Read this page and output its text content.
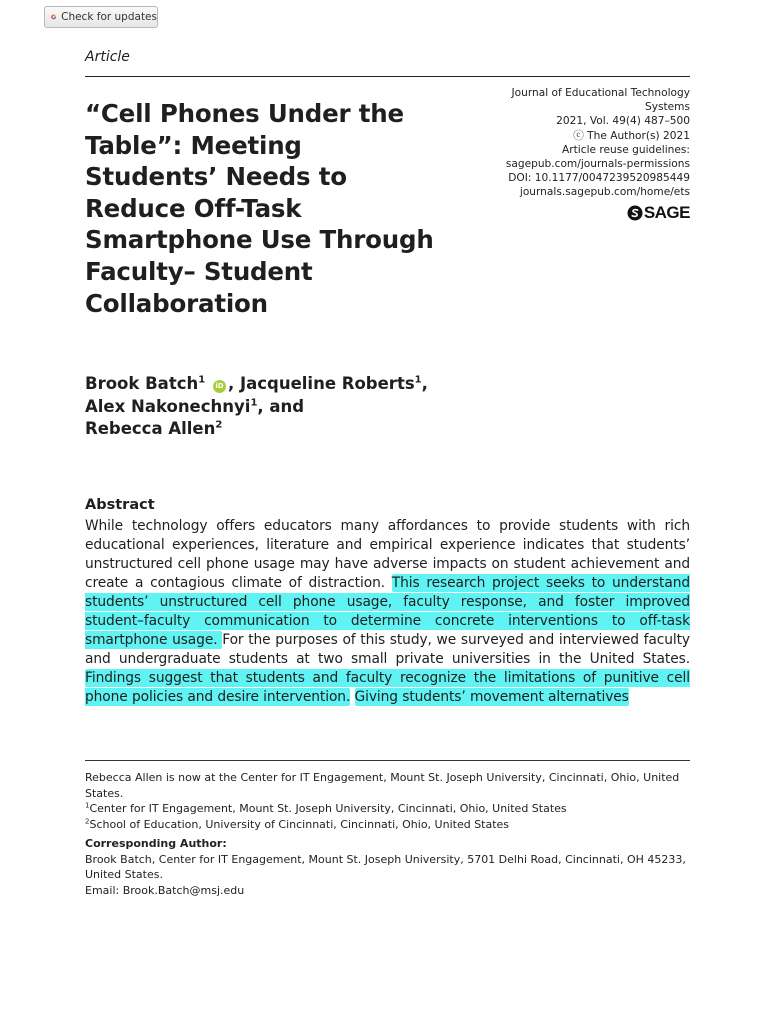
Check for updates
Article
“Cell Phones Under the Table”: Meeting Students’ Needs to Reduce Off-Task Smartphone Use Through Faculty– Student Collaboration
Journal of Educational Technology Systems
2021, Vol. 49(4) 487–500
ⓒ The Author(s) 2021
Article reuse guidelines:
sagepub.com/journals-permissions
DOI: 10.1177/0047239520985449
journals.sagepub.com/home/ets
SAGE
Brook Batch$^1$ iD , Jacqueline Roberts$^1$,
Alex Nakonechnyi$^1$, and
Rebecca Allen$^2$
Abstract
While technology offers educators many affordances to provide students with rich educational experiences, literature and empirical experience indicates that students’ unstructured cell phone usage may have adverse impacts on student achievement and create a contagious climate of distraction. This research project seeks to understand students’ unstructured cell phone usage, faculty response, and foster improved student–faculty communication to determine concrete interventions to off-task smartphone usage. For the purposes of this study, we surveyed and interviewed faculty and undergraduate students at two small private universities in the United States. Findings suggest that students and faculty recognize the limitations of punitive cell phone policies and desire intervention. Giving students’ movement alternatives
Rebecca Allen is now at the Center for IT Engagement, Mount St. Joseph University, Cincinnati, Ohio, United States.
$^1$Center for IT Engagement, Mount St. Joseph University, Cincinnati, Ohio, United States
$^2$School of Education, University of Cincinnati, Cincinnati, Ohio, United States
Corresponding Author:
Brook Batch, Center for IT Engagement, Mount St. Joseph University, 5701 Delhi Road, Cincinnati, OH 45233, United States.
Email: Brook.Batch@msj.edu
